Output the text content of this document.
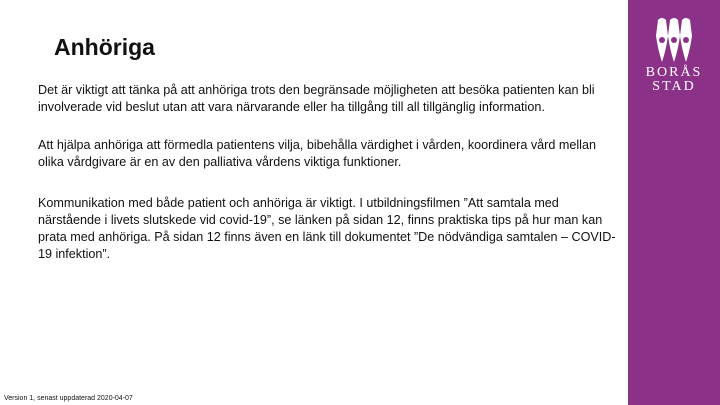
Anhöriga

Det är viktigt att tänka på att anhöriga trots den begränsade möjligheten att besöka patienten kan bli involverade vid beslut utan att vara närvarande eller ha tillgång till all tillgänglig information.

Att hjälpa anhöriga att förmedla patientens vilja, bibehålla värdighet i vården, koordinera vård mellan olika vårdgivare är en av den palliativa vårdens viktiga funktioner.

Kommunikation med både patient och anhöriga är viktigt. I utbildningsfilmen ”Att samtala med närstående i livets slutskede vid covid-19”, se länken på sidan 12, finns praktiska tips på hur man kan prata med anhöriga. På sidan 12 finns även en länk till dokumentet ”De nödvändiga samtalen – COVID-19 infektion”.

Version 1, senast uppdaterad 2020-04-07
BORÅS
STAD
